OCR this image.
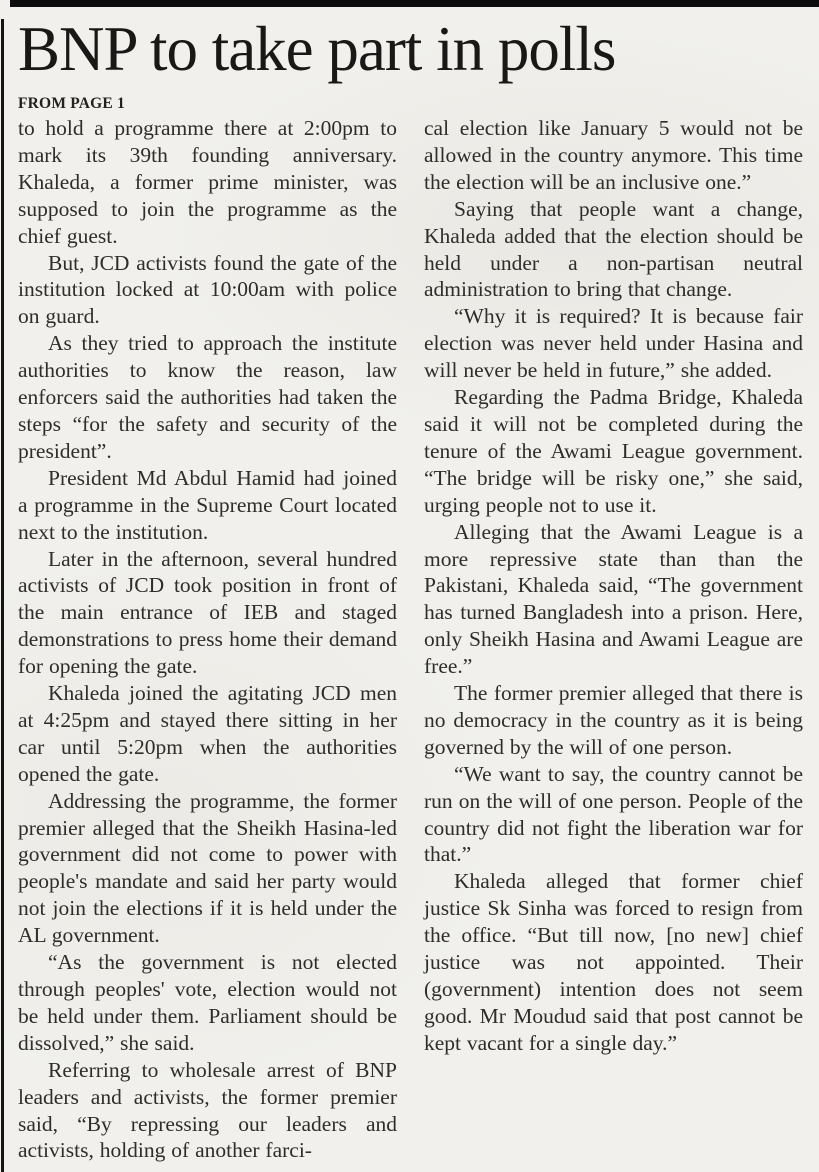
BNP to take part in polls
FROM PAGE 1

to hold a programme there at 2:00pm to mark its 39th founding anniversary. Khaleda, a former prime minister, was supposed to join the programme as the chief guest.

But, JCD activists found the gate of the institution locked at 10:00am with police on guard.

As they tried to approach the institute authorities to know the reason, law enforcers said the authorities had taken the steps “for the safety and security of the president”.

President Md Abdul Hamid had joined a programme in the Supreme Court located next to the institution.

Later in the afternoon, several hundred activists of JCD took position in front of the main entrance of IEB and staged demonstrations to press home their demand for opening the gate.

Khaleda joined the agitating JCD men at 4:25pm and stayed there sitting in her car until 5:20pm when the authorities opened the gate.

Addressing the programme, the former premier alleged that the Sheikh Hasina-led government did not come to power with people's mandate and said her party would not join the elections if it is held under the AL government.

“As the government is not elected through peoples' vote, election would not be held under them. Parliament should be dissolved,” she said.

Referring to wholesale arrest of BNP leaders and activists, the former premier said, “By repressing our leaders and activists, holding of another farci-

cal election like January 5 would not be allowed in the country anymore. This time the election will be an inclusive one.”

Saying that people want a change, Khaleda added that the election should be held under a non-partisan neutral administration to bring that change.

“Why it is required? It is because fair election was never held under Hasina and will never be held in future,” she added.

Regarding the Padma Bridge, Khaleda said it will not be completed during the tenure of the Awami League government. “The bridge will be risky one,” she said, urging people not to use it.

Alleging that the Awami League is a more repressive state than than the Pakistani, Khaleda said, “The government has turned Bangladesh into a prison. Here, only Sheikh Hasina and Awami League are free.”

The former premier alleged that there is no democracy in the country as it is being governed by the will of one person.

“We want to say, the country cannot be run on the will of one person. People of the country did not fight the liberation war for that.”

Khaleda alleged that former chief justice Sk Sinha was forced to resign from the office. “But till now, [no new] chief justice was not appointed. Their (government) intention does not seem good. Mr Moudud said that post cannot be kept vacant for a single day.”
